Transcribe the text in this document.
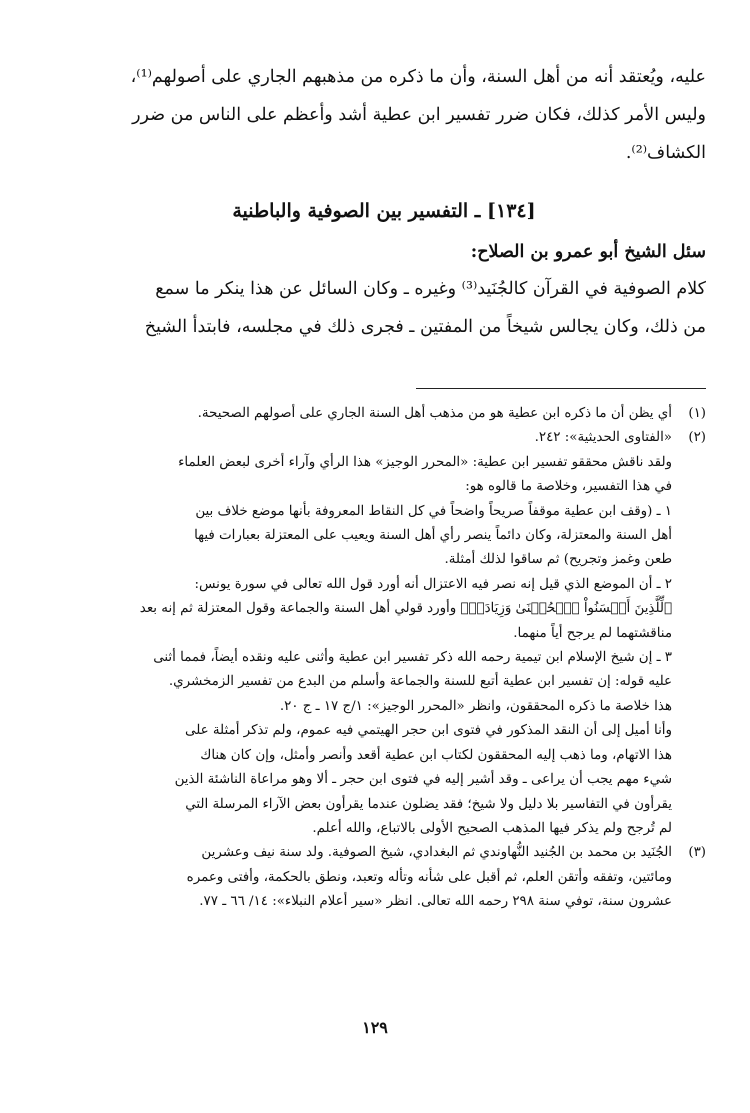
عليه، ويُعتقد أنه من أهل السنة، وأن ما ذكره من مذهبهم الجاري على أصولهم⁽¹⁾،

وليس الأمر كذلك، فكان ضرر تفسير ابن عطية أشد وأعظم على الناس من ضرر

الكشاف⁽²⁾.

[١٣٤] ـ التفسير بين الصوفية والباطنية
سئل الشيخ أبو عمرو بن الصلاح:

كلام الصوفية في القرآن كالجُنَيد⁽³⁾ وغيره ـ وكان السائل عن هذا ينكر ما سمع

من ذلك، وكان يجالس شيخاً من المفتين ـ فجرى ذلك في مجلسه، فابتدأ الشيخ

(١)
أي يظن أن ما ذكره ابن عطية هو من مذهب أهل السنة الجاري على أصولهم الصحيحة.
(٢)
«الفتاوى الحديثية»: ٢٤٢.
ولقد ناقش محققو تفسير ابن عطية: «المحرر الوجيز» هذا الرأي وآراء أخرى لبعض العلماء
في هذا التفسير، وخلاصة ما قالوه هو:
١ ـ (وقف ابن عطية موقفاً صريحاً واضحاً في كل النقاط المعروفة بأنها موضع خلاف بين
أهل السنة والمعتزلة، وكان دائماً ينصر رأي أهل السنة ويعيب على المعتزلة بعبارات فيها
طعن وغمز وتجريح) ثم ساقوا لذلك أمثلة.
٢ ـ أن الموضع الذي قيل إنه نصر فيه الاعتزال أنه أورد قول الله تعالى في سورة يونس:
﴿لِّلَّذِينَ أَحۡسَنُواْ ٱلۡحُسۡنَىٰ وَزِيَادَةٞ﴾ وأورد قولي أهل السنة والجماعة وقول المعتزلة ثم إنه بعد
مناقشتهما لم يرجح أياً منهما.
٣ ـ إن شيخ الإسلام ابن تيمية رحمه الله ذكر تفسير ابن عطية وأثنى عليه ونقده أيضاً، فمما أثنى
عليه قوله: إن تفسير ابن عطية أتبع للسنة والجماعة وأسلم من البدع من تفسير الزمخشري.
هذا خلاصة ما ذكره المحققون، وانظر «المحرر الوجيز»: ١/ج ١٧ ـ ج ٢٠.
وأنا أميل إلى أن النقد المذكور في فتوى ابن حجر الهيتمي فيه عموم، ولم تذكر أمثلة على
هذا الاتهام، وما ذهب إليه المحققون لكتاب ابن عطية أقعد وأنصر وأمثل، وإن كان هناك
شيء مهم يجب أن يراعى ـ وقد أشير إليه في فتوى ابن حجر ـ ألا وهو مراعاة الناشئة الذين
يقرأون في التفاسير بلا دليل ولا شيخ؛ فقد يضلون عندما يقرأون بعض الآراء المرسلة التي
لم تُرجح ولم يذكر فيها المذهب الصحيح الأولى بالاتباع، والله أعلم.
(٣)
الجُنَيد بن محمد بن الجُنيد النُّهاوندي ثم البغدادي، شيخ الصوفية. ولد سنة نيف وعشرين
ومائتين، وتفقه وأتقن العلم، ثم أقبل على شأنه وتأله وتعبد، ونطق بالحكمة، وأفتى وعمره
عشرون سنة، توفي سنة ٢٩٨ رحمه الله تعالى. انظر «سير أعلام النبلاء»: ١٤/ ٦٦ ـ ٧٧.
١٢٩
